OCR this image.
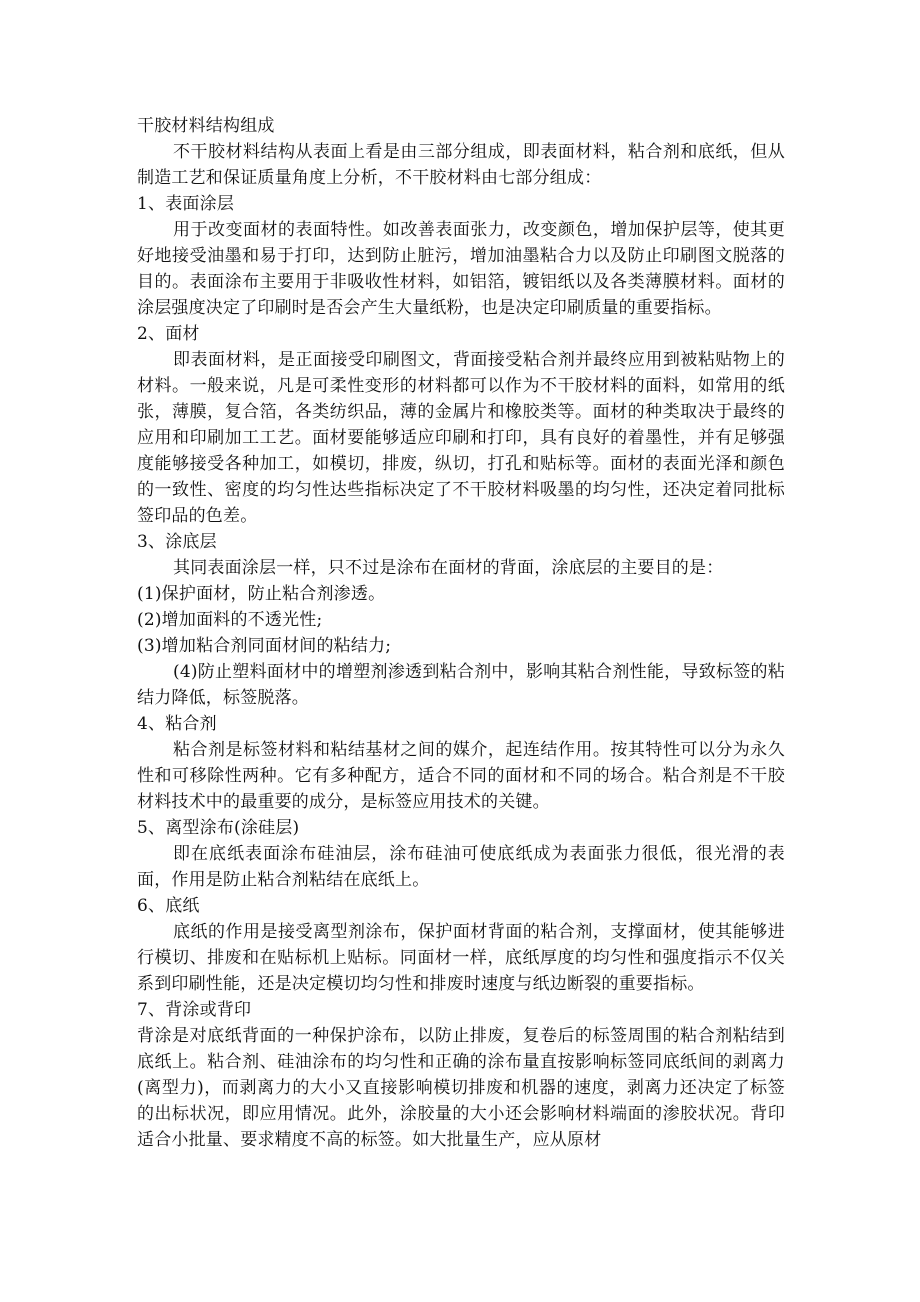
干胶材料结构组成

不干胶材料结构从表面上看是由三部分组成，即表面材料，粘合剂和底纸，但从制造工艺和保证质量角度上分析，不干胶材料由七部分组成：

1、表面涂层

用于改变面材的表面特性。如改善表面张力，改变颜色，增加保护层等，使其更好地接受油墨和易于打印，达到防止脏污，增加油墨粘合力以及防止印刷图文脱落的目的。表面涂布主要用于非吸收性材料，如铝箔，镀铝纸以及各类薄膜材料。面材的涂层强度决定了印刷时是否会产生大量纸粉，也是决定印刷质量的重要指标。

2、面材

即表面材料，是正面接受印刷图文，背面接受粘合剂并最终应用到被粘贴物上的材料。一般来说，凡是可柔性变形的材料都可以作为不干胶材料的面料，如常用的纸张，薄膜，复合箔，各类纺织品，薄的金属片和橡胶类等。面材的种类取决于最终的应用和印刷加工工艺。面材要能够适应印刷和打印，具有良好的着墨性，并有足够强度能够接受各种加工，如模切，排废，纵切，打孔和贴标等。面材的表面光泽和颜色的一致性、密度的均匀性达些指标决定了不干胶材料吸墨的均匀性，还决定着同批标签印品的色差。

3、涂底层

其同表面涂层一样，只不过是涂布在面材的背面，涂底层的主要目的是：

(1)保护面材，防止粘合剂渗透。

(2)增加面料的不透光性;

(3)增加粘合剂同面材间的粘结力;

(4)防止塑料面材中的增塑剂渗透到粘合剂中，影响其粘合剂性能，导致标签的粘结力降低，标签脱落。

4、粘合剂

粘合剂是标签材料和粘结基材之间的媒介，起连结作用。按其特性可以分为永久性和可移除性两种。它有多种配方，适合不同的面材和不同的场合。粘合剂是不干胶材料技术中的最重要的成分，是标签应用技术的关键。

5、离型涂布(涂硅层)

即在底纸表面涂布硅油层，涂布硅油可使底纸成为表面张力很低，很光滑的表面，作用是防止粘合剂粘结在底纸上。

6、底纸

底纸的作用是接受离型剂涂布，保护面材背面的粘合剂，支撑面材，使其能够进行模切、排废和在贴标机上贴标。同面材一样，底纸厚度的均匀性和强度指示不仅关系到印刷性能，还是决定模切均匀性和排废时速度与纸边断裂的重要指标。

7、背涂或背印

背涂是对底纸背面的一种保护涂布，以防止排废，复卷后的标签周围的粘合剂粘结到底纸上。粘合剂、硅油涂布的均匀性和正确的涂布量直按影响标签同底纸间的剥离力(离型力)，而剥离力的大小又直接影响模切排废和机器的速度，剥离力还决定了标签的出标状况，即应用情况。此外，涂胶量的大小还会影响材料端面的渗胶状况。背印适合小批量、要求精度不高的标签。如大批量生产，应从原材
